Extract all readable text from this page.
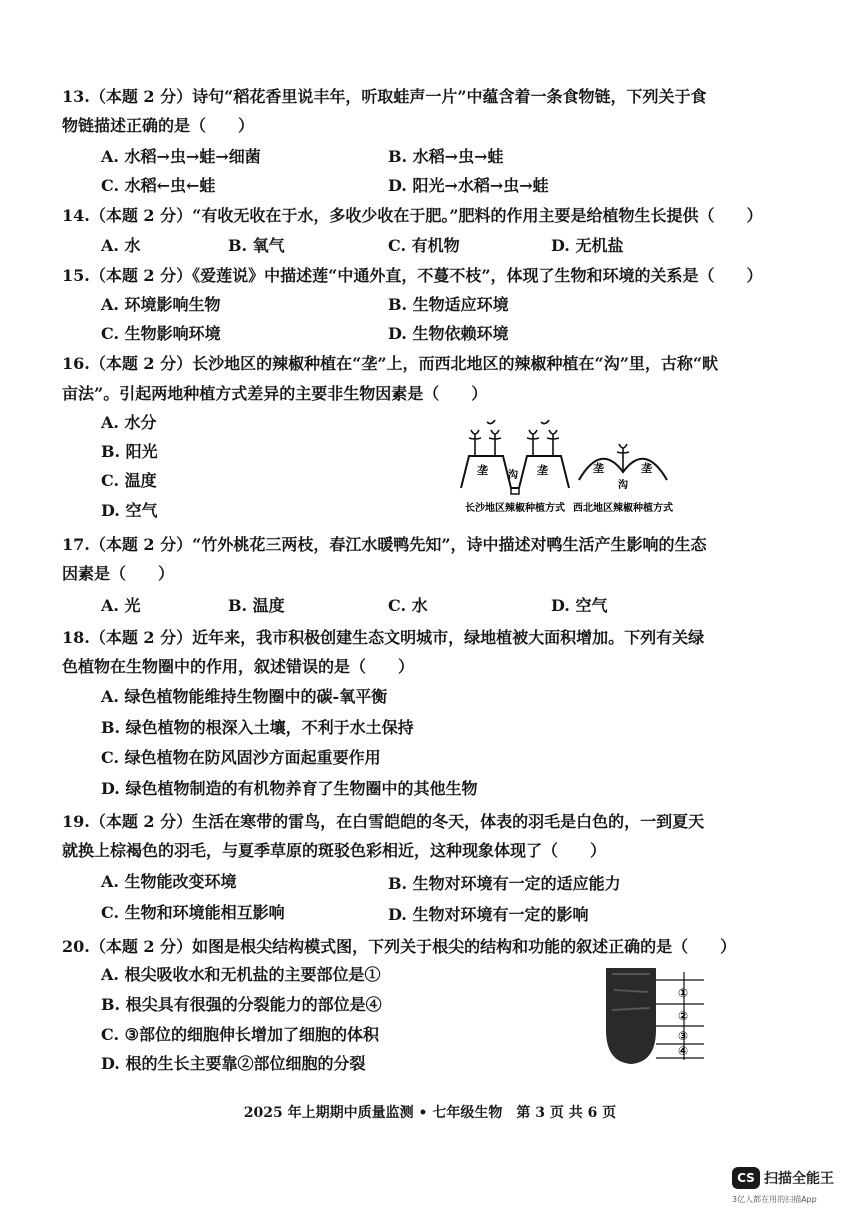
13.（本题 2 分）诗句“稻花香里说丰年，听取蛙声一片”中蕴含着一条食物链，下列关于食
物链描述正确的是（　　）
A. 水稻→虫→蛙→细菌	B. 水稻→虫→蛙
C. 水稻←虫←蛙	D. 阳光→水稻→虫→蛙
14.（本题 2 分）“有收无收在于水，多收少收在于肥。”肥料的作用主要是给植物生长提供（　　）
A. 水	B. 氧气	C. 有机物	D. 无机盐
15.（本题 2 分）《爱莲说》中描述莲“中通外直，不蔓不枝”，体现了生物和环境的关系是（　　）
A. 环境影响生物	B. 生物适应环境
C. 生物影响环境	D. 生物依赖环境
16.（本题 2 分）长沙地区的辣椒种植在“垄”上，而西北地区的辣椒种植在“沟”里，古称“畎
亩法”。引起两地种植方式差异的主要非生物因素是（　　）
A. 水分
B. 阳光
C. 温度
D. 空气
垄	垄
沟
垄	垄
沟
长沙地区辣椒种植方式 西北地区辣椒种植方式
17.（本题 2 分）“竹外桃花三两枝，春江水暖鸭先知”，诗中描述对鸭生活产生影响的生态
因素是（　　）
A. 光	B. 温度	C. 水	D. 空气
18.（本题 2 分）近年来，我市积极创建生态文明城市，绿地植被大面积增加。下列有关绿
色植物在生物圈中的作用，叙述错误的是（　　）
A. 绿色植物能维持生物圈中的碳-氧平衡
B. 绿色植物的根深入土壤，不利于水土保持
C. 绿色植物在防风固沙方面起重要作用
D. 绿色植物制造的有机物养育了生物圈中的其他生物
19.（本题 2 分）生活在寒带的雷鸟，在白雪皑皑的冬天，体表的羽毛是白色的，一到夏天
就换上棕褐色的羽毛，与夏季草原的斑驳色彩相近，这种现象体现了（　　）
A. 生物能改变环境	B. 生物对环境有一定的适应能力
C. 生物和环境能相互影响	D. 生物对环境有一定的影响
20.（本题 2 分）如图是根尖结构模式图，下列关于根尖的结构和功能的叙述正确的是（　　）
A. 根尖吸收水和无机盐的主要部位是①
B. 根尖具有很强的分裂能力的部位是④
C. ③部位的细胞伸长增加了细胞的体积
D. 根的生长主要靠②部位细胞的分裂
①
②
③
④
2025 年上期期中质量监测 • 七年级生物　第 3 页 共 6 页
CS 扫描全能王
3亿人都在用的扫描App
